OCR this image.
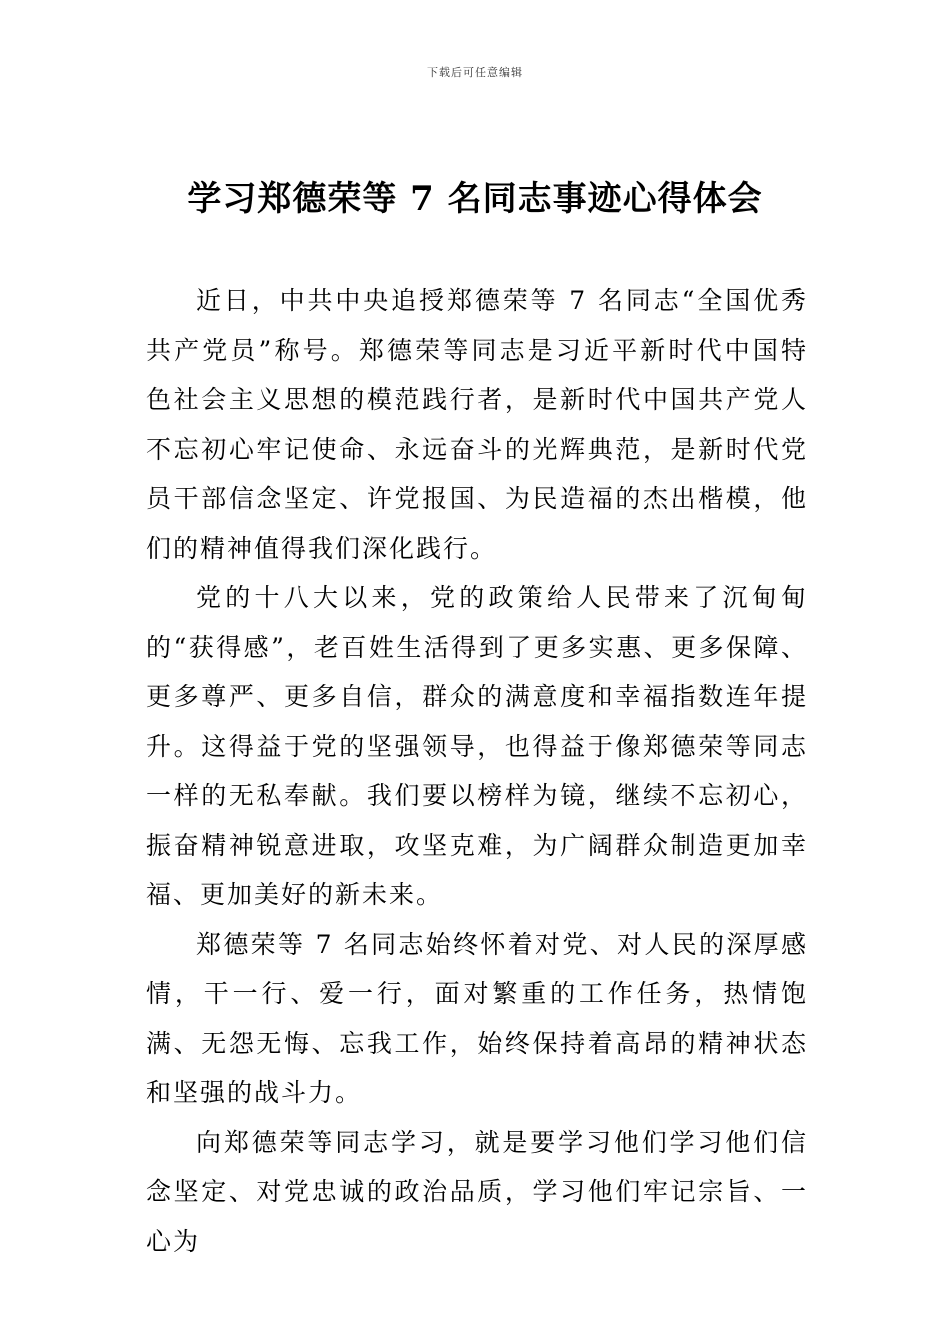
下载后可任意编辑
学习郑德荣等 7 名同志事迹心得体会

近日，中共中央追授郑德荣等 7 名同志“全国优秀共产党员”称号。郑德荣等同志是习近平新时代中国特色社会主义思想的模范践行者，是新时代中国共产党人不忘初心牢记使命、永远奋斗的光辉典范，是新时代党员干部信念坚定、许党报国、为民造福的杰出楷模，他们的精神值得我们深化践行。

党的十八大以来，党的政策给人民带来了沉甸甸的“获得感”，老百姓生活得到了更多实惠、更多保障、更多尊严、更多自信，群众的满意度和幸福指数连年提升。这得益于党的坚强领导，也得益于像郑德荣等同志一样的无私奉献。我们要以榜样为镜，继续不忘初心，振奋精神锐意进取，攻坚克难，为广阔群众制造更加幸福、更加美好的新未来。

郑德荣等 7 名同志始终怀着对党、对人民的深厚感情，干一行、爱一行，面对繁重的工作任务，热情饱满、无怨无悔、忘我工作，始终保持着高昂的精神状态和坚强的战斗力。

向郑德荣等同志学习，就是要学习他们学习他们信念坚定、对党忠诚的政治品质，学习他们牢记宗旨、一心为
